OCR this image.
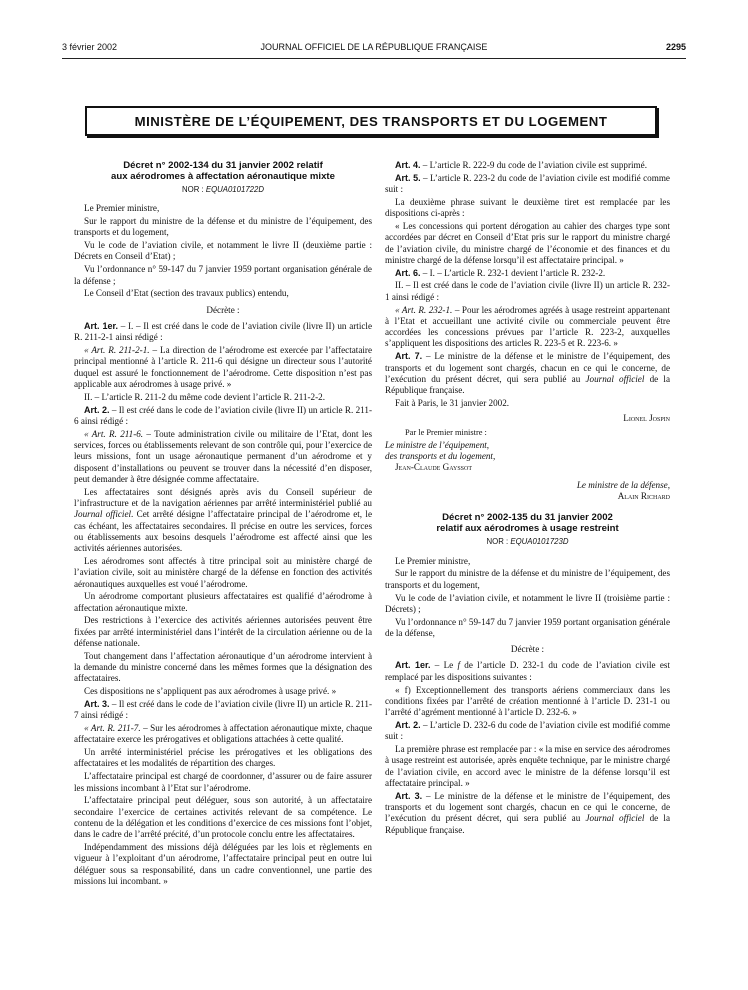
3 février 2002	JOURNAL OFFICIEL DE LA RÉPUBLIQUE FRANÇAISE	2295
MINISTÈRE DE L’ÉQUIPEMENT, DES TRANSPORTS ET DU LOGEMENT
Décret n° 2002-134 du 31 janvier 2002 relatif
aux aérodromes à affectation aéronautique mixte
NOR : EQUA0101722D

Le Premier ministre,

Sur le rapport du ministre de la défense et du ministre de l’équipement, des transports et du logement,

Vu le code de l’aviation civile, et notamment le livre II (deuxième partie : Décrets en Conseil d’Etat) ;

Vu l’ordonnance n° 59-147 du 7 janvier 1959 portant organisation générale de la défense ;

Le Conseil d’Etat (section des travaux publics) entendu,

Décrète :

Art. 1er. – I. – Il est créé dans le code de l’aviation civile (livre II) un article R. 211-2-1 ainsi rédigé :

« Art. R. 211-2-1. – La direction de l’aérodrome est exercée par l’affectataire principal mentionné à l’article R. 211-6 qui désigne un directeur sous l’autorité duquel est assuré le fonctionnement de l’aérodrome. Cette disposition n’est pas applicable aux aérodromes à usage privé. »

II. – L’article R. 211-2 du même code devient l’article R. 211-2-2.

Art. 2. – Il est créé dans le code de l’aviation civile (livre II) un article R. 211-6 ainsi rédigé :

« Art. R. 211-6. – Toute administration civile ou militaire de l’Etat, dont les services, forces ou établissements relevant de son contrôle qui, pour l’exercice de leurs missions, font un usage aéronautique permanent d’un aérodrome et y disposent d’installations ou peuvent se trouver dans la nécessité d’en disposer, peut demander à être désignée comme affectataire.

Les affectataires sont désignés après avis du Conseil supérieur de l’infrastructure et de la navigation aériennes par arrêté interministériel publié au Journal officiel. Cet arrêté désigne l’affectataire principal de l’aérodrome et, le cas échéant, les affectataires secondaires. Il précise en outre les services, forces ou établissements aux besoins desquels l’aérodrome est affecté ainsi que les activités aériennes autorisées.

Les aérodromes sont affectés à titre principal soit au ministère chargé de l’aviation civile, soit au ministère chargé de la défense en fonction des activités aéronautiques auxquelles est voué l’aérodrome.

Un aérodrome comportant plusieurs affectataires est qualifié d’aérodrome à affectation aéronautique mixte.

Des restrictions à l’exercice des activités aériennes autorisées peuvent être fixées par arrêté interministériel dans l’intérêt de la circulation aérienne ou de la défense nationale.

Tout changement dans l’affectation aéronautique d’un aérodrome intervient à la demande du ministre concerné dans les mêmes formes que la désignation des affectataires.

Ces dispositions ne s’appliquent pas aux aérodromes à usage privé. »

Art. 3. – Il est créé dans le code de l’aviation civile (livre II) un article R. 211-7 ainsi rédigé :

« Art. R. 211-7. – Sur les aérodromes à affectation aéronautique mixte, chaque affectataire exerce les prérogatives et obligations attachées à cette qualité.

Un arrêté interministériel précise les prérogatives et les obligations des affectataires et les modalités de répartition des charges.

L’affectataire principal est chargé de coordonner, d’assurer ou de faire assurer les missions incombant à l’Etat sur l’aérodrome.

L’affectataire principal peut déléguer, sous son autorité, à un affectataire secondaire l’exercice de certaines activités relevant de sa compétence. Le contenu de la délégation et les conditions d’exercice de ces missions font l’objet, dans le cadre de l’arrêté précité, d’un protocole conclu entre les affectataires.

Indépendamment des missions déjà déléguées par les lois et règlements en vigueur à l’exploitant d’un aérodrome, l’affectataire principal peut en outre lui déléguer sous sa responsabilité, dans un cadre conventionnel, une partie des missions lui incombant. »

Art. 4. – L’article R. 222-9 du code de l’aviation civile est supprimé.

Art. 5. – L’article R. 223-2 du code de l’aviation civile est modifié comme suit :

La deuxième phrase suivant le deuxième tiret est remplacée par les dispositions ci-après :

« Les concessions qui portent dérogation au cahier des charges type sont accordées par décret en Conseil d’Etat pris sur le rapport du ministre chargé de l’aviation civile, du ministre chargé de l’économie et des finances et du ministre chargé de la défense lorsqu’il est affectataire principal. »

Art. 6. – I. – L’article R. 232-1 devient l’article R. 232-2.

II. – Il est créé dans le code de l’aviation civile (livre II) un article R. 232-1 ainsi rédigé :

« Art. R. 232-1. – Pour les aérodromes agréés à usage restreint appartenant à l’Etat et accueillant une activité civile ou commerciale peuvent être accordées les concessions prévues par l’article R. 223-2, auxquelles s’appliquent les dispositions des articles R. 223-5 et R. 223-6. »

Art. 7. – Le ministre de la défense et le ministre de l’équipement, des transports et du logement sont chargés, chacun en ce qui le concerne, de l’exécution du présent décret, qui sera publié au Journal officiel de la République française.

Fait à Paris, le 31 janvier 2002.

Lionel Jospin
Par le Premier ministre :
Le ministre de l’équipement,
des transports et du logement,
Jean-Claude Gayssot
Le ministre de la défense,
Alain Richard
Décret n° 2002-135 du 31 janvier 2002
relatif aux aérodromes à usage restreint
NOR : EQUA0101723D

Le Premier ministre,

Sur le rapport du ministre de la défense et du ministre de l’équipement, des transports et du logement,

Vu le code de l’aviation civile, et notamment le livre II (troisième partie : Décrets) ;

Vu l’ordonnance n° 59-147 du 7 janvier 1959 portant organisation générale de la défense,

Décrète :

Art. 1er. – Le f de l’article D. 232-1 du code de l’aviation civile est remplacé par les dispositions suivantes :

« f) Exceptionnellement des transports aériens commerciaux dans les conditions fixées par l’arrêté de création mentionné à l’article D. 231-1 ou l’arrêté d’agrément mentionné à l’article D. 232-6. »

Art. 2. – L’article D. 232-6 du code de l’aviation civile est modifié comme suit :

La première phrase est remplacée par : « la mise en service des aérodromes à usage restreint est autorisée, après enquête technique, par le ministre chargé de l’aviation civile, en accord avec le ministre de la défense lorsqu’il est affectataire principal. »

Art. 3. – Le ministre de la défense et le ministre de l’équipement, des transports et du logement sont chargés, chacun en ce qui le concerne, de l’exécution du présent décret, qui sera publié au Journal officiel de la République française.
